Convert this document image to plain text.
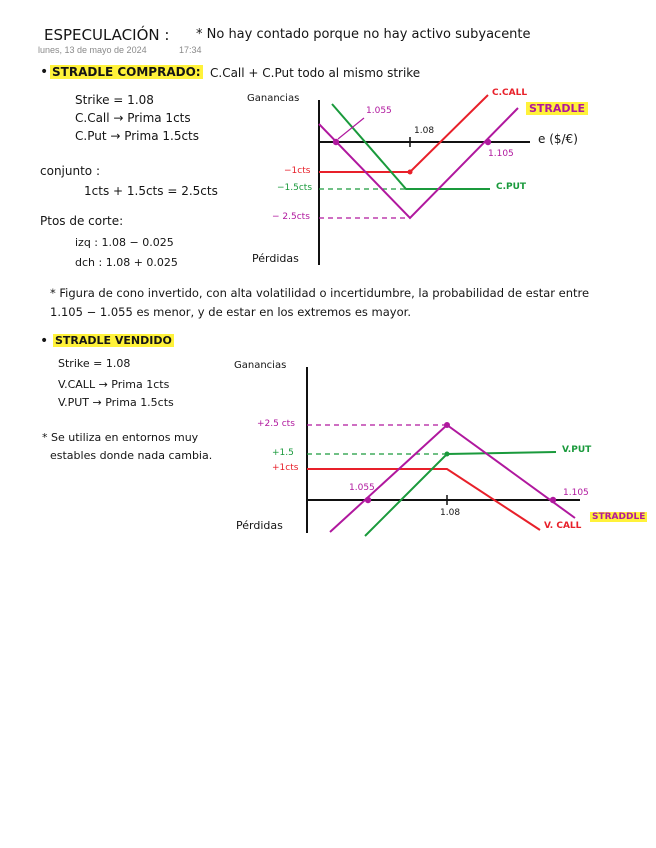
ESPECULACIÓN : * No hay contado porque no hay activo subyacente
lunes, 13 de mayo de 2024	17:34
• STRADLE COMPRADO: C.Call + C.Put todo al mismo strike
Strike = 1.08
C.Call → Prima 1cts
C.Put → Prima 1.5cts
conjunto :
1cts + 1.5cts = 2.5cts
Ptos de corte:
izq : 1.08 − 0.025
dch : 1.08 + 0.025
* Figura de cono invertido, con alta volatilidad o incertidumbre, la probabilidad de estar entre 1.105 − 1.055 es menor, y de estar en los extremos es mayor.
• STRADLE VENDIDO
Strike = 1.08
V.CALL → Prima 1cts
V.PUT → Prima 1.5cts
* Se utiliza en entornos muy
estables donde nada cambia.
Ganancias
Pérdidas
e ($/€)
1.08
1.055
1.105
−1cts
−1.5cts
− 2.5cts
C.CALL
C.PUT
STRADLE
Ganancias
Pérdidas
1.08
1.055	1.105
+2.5 cts
+1.5
+1cts
V.PUT
V. CALL
STRADDLE
